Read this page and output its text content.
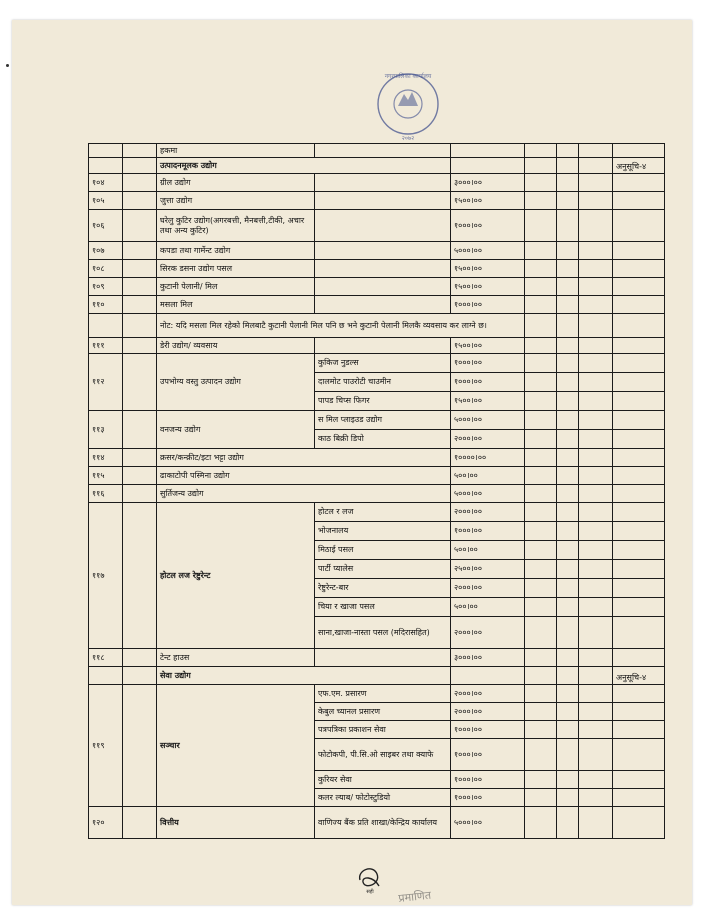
नगरपालिका कार्यालय
२०७२
		हकमा						
		उत्पादनमूलक उद्योग						अनुसूचि-४
१०४		ग्रील उद्योग		३०००।००				
१०५		जुत्ता उद्योग		१५००।००				
१०६		घरेलु कुटिर उद्योग(अगरबत्ती, मैनबत्ती,टीकी, अचार तथा अन्य कुटिर)		१०००।००				
१०७		कपडा तथा गार्मेन्ट उद्योग		५०००।००				
१०८		सिरक डसना उद्योग पसल		१५००।००				
१०९		कुटानी पेलानी/ मिल		१५००।००				
११०		मसला मिल		१०००।००				
		नोट: यदि मसला मिल रहेको मिलबाटै कुटानी पेलानी मिल पनि छ भने कुटानी पेलानी मिलकै व्यवसाय कर लाग्ने छ।						
१११		डेरी उद्योग/ व्यवसाय		१५००।००				
११२		उपभोग्य वस्तु उत्पादन उद्योग	कुकिज नुडल्स	१०००।००				
			दालमोट पाउरोटी चाउमीन	१०००।००				
			पापड चिप्स फिगर	१५००।००				
११३		वनजन्य उद्योग	स मिल प्लाइउड उद्योग	५०००।००				
			काठ बिक्री डिपो	२०००।००				
११४		क्रसर/कन्क्रीट/इटा भट्टा उद्योग		१००००।००				
११५		ढाकाटोपी पस्मिना उद्योग		५००।००				
११६		सुर्तिजन्य उद्योग		५०००।००				
११७		होटल लज रेष्टुरेन्ट	होटल र लज	२०००।००				
			भोजनालय	१०००।००				
			मिठाई पसल	५००।००				
			पार्टी प्यालेस	२५००।००				
			रेष्टुरेन्ट-बार	२०००।००				
			चिया र खाजा पसल	५००।००				
			साना,खाजा-नास्ता पसल (मदिरासहित)	२०००।००				
११८		टेन्ट हाउस		३०००।००				
		सेवा उद्योग						अनुसूचि-४
११९		सञ्चार	एफ.एम. प्रसारण	२०००।००				
			केबुल च्यानल प्रसारण	२०००।००				
			पत्रपत्रिका प्रकाशन सेवा	१०००।००				
			फोटोकपी, पी.सि.ओ साइबर तथा क्याफे	१०००।००				
			कुरियर सेवा	१०००।००				
			कलर ल्याब/ फोटोस्टुडियो	१०००।००				
१२०		वित्तीय	वाणिज्य बैंक प्रति शाखा/केन्द्रिय कार्यालय	५०००।००				
सही प्रमाणित
